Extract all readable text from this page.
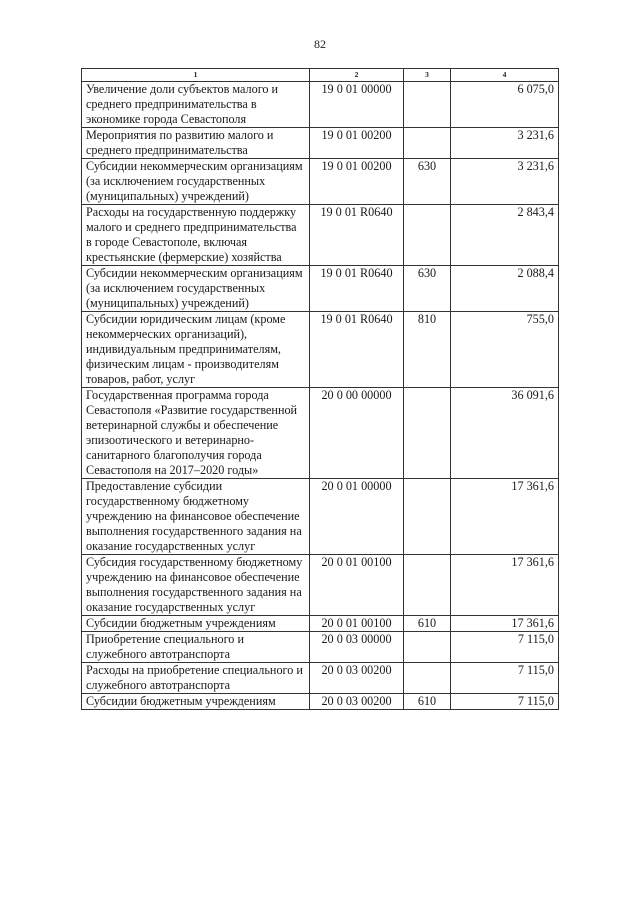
82
1	2	3	4
Увеличение доли субъектов малого и среднего предпринимательства в экономике города Севастополя	19 0 01 00000		6 075,0
Мероприятия по развитию малого и среднего предпринимательства	19 0 01 00200		3 231,6
Субсидии некоммерческим организациям (за исключением государственных (муниципальных) учреждений)	19 0 01 00200	630	3 231,6
Расходы на государственную поддержку малого и среднего предпринимательства в городе Севастополе, включая крестьянские (фермерские) хозяйства	19 0 01 R0640		2 843,4
Субсидии некоммерческим организациям (за исключением государственных (муниципальных) учреждений)	19 0 01 R0640	630	2 088,4
Субсидии юридическим лицам (кроме некоммерческих организаций), индивидуальным предпринимателям, физическим лицам - производителям товаров, работ, услуг	19 0 01 R0640	810	755,0
Государственная программа города Севастополя «Развитие государственной ветеринарной службы и обеспечение эпизоотического и ветеринарно-санитарного благополучия города Севастополя на 2017–2020 годы»	20 0 00 00000		36 091,6
Предоставление субсидии государственному бюджетному учреждению на финансовое обеспечение выполнения государственного задания на оказание государственных услуг	20 0 01 00000		17 361,6
Субсидия государственному бюджетному учреждению на финансовое обеспечение выполнения государственного задания на оказание государственных услуг	20 0 01 00100		17 361,6
Субсидии бюджетным учреждениям	20 0 01 00100	610	17 361,6
Приобретение специального и служебного автотранспорта	20 0 03 00000		7 115,0
Расходы на приобретение специального и служебного автотранспорта	20 0 03 00200		7 115,0
Субсидии бюджетным учреждениям	20 0 03 00200	610	7 115,0
